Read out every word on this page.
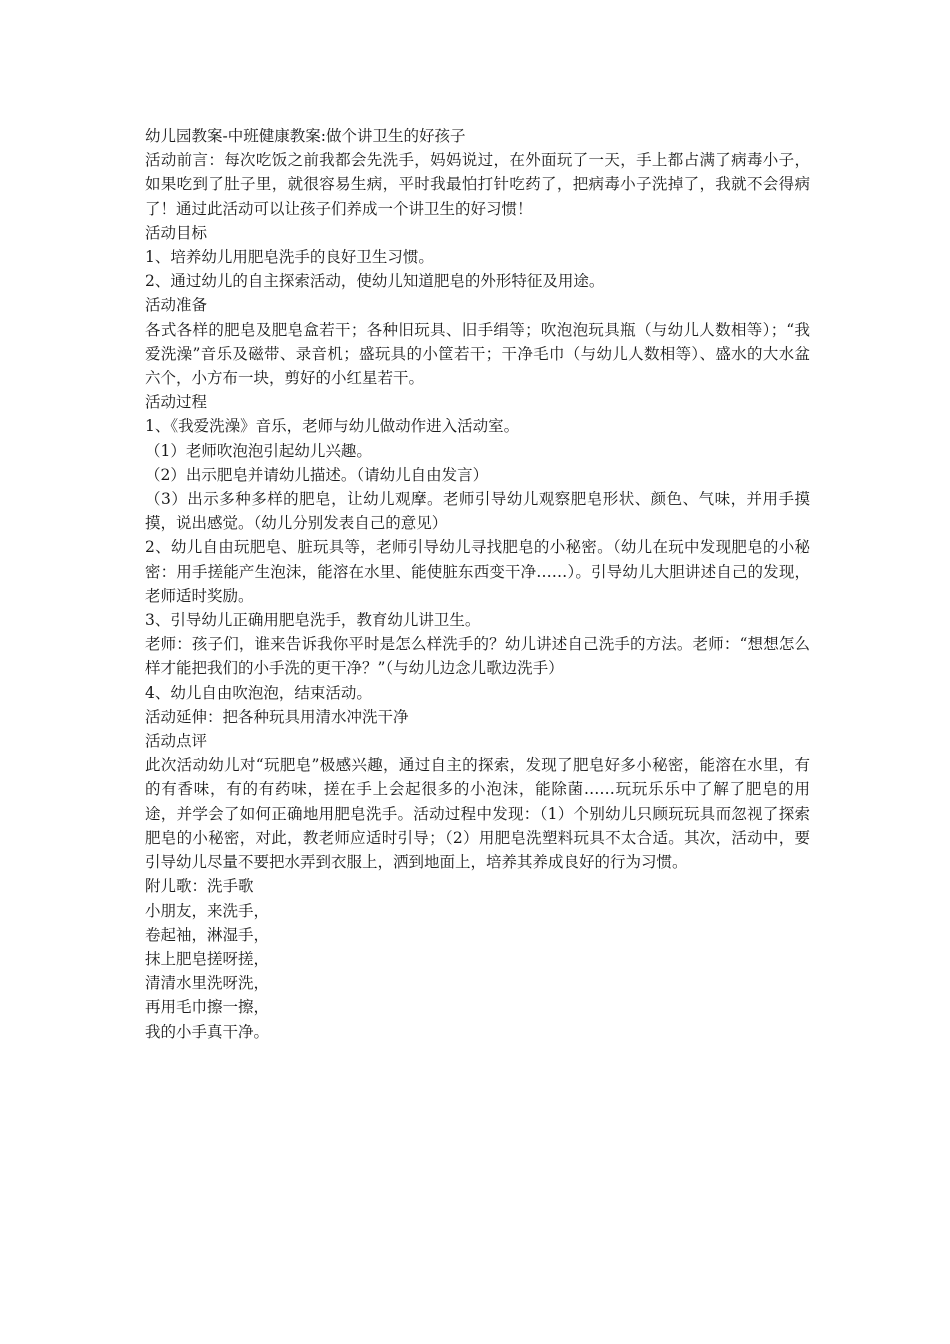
幼儿园教案-中班健康教案:做个讲卫生的好孩子

活动前言：每次吃饭之前我都会先洗手，妈妈说过，在外面玩了一天，手上都占满了病毒小子，如果吃到了肚子里，就很容易生病，平时我最怕打针吃药了，把病毒小子洗掉了，我就不会得病了！通过此活动可以让孩子们养成一个讲卫生的好习惯！

活动目标

1、培养幼儿用肥皂洗手的良好卫生习惯。

2、通过幼儿的自主探索活动，使幼儿知道肥皂的外形特征及用途。

活动准备

各式各样的肥皂及肥皂盒若干；各种旧玩具、旧手绢等；吹泡泡玩具瓶（与幼儿人数相等）；“我爱洗澡”音乐及磁带、录音机；盛玩具的小筐若干；干净毛巾（与幼儿人数相等）、盛水的大水盆六个，小方布一块，剪好的小红星若干。

活动过程

1、《我爱洗澡》音乐，老师与幼儿做动作进入活动室。

（1）老师吹泡泡引起幼儿兴趣。

（2）出示肥皂并请幼儿描述。（请幼儿自由发言）

（3）出示多种多样的肥皂，让幼儿观摩。老师引导幼儿观察肥皂形状、颜色、气味，并用手摸摸，说出感觉。（幼儿分别发表自己的意见）

2、幼儿自由玩肥皂、脏玩具等，老师引导幼儿寻找肥皂的小秘密。（幼儿在玩中发现肥皂的小秘密：用手搓能产生泡沫，能溶在水里、能使脏东西变干净……）。引导幼儿大胆讲述自己的发现，老师适时奖励。

3、引导幼儿正确用肥皂洗手，教育幼儿讲卫生。

老师：孩子们，谁来告诉我你平时是怎么样洗手的？幼儿讲述自己洗手的方法。老师：“想想怎么样才能把我们的小手洗的更干净？”（与幼儿边念儿歌边洗手）

4、幼儿自由吹泡泡，结束活动。

活动延伸：把各种玩具用清水冲洗干净

活动点评

此次活动幼儿对“玩肥皂”极感兴趣，通过自主的探索，发现了肥皂好多小秘密，能溶在水里，有的有香味，有的有药味，搓在手上会起很多的小泡沫，能除菌……玩玩乐乐中了解了肥皂的用途，并学会了如何正确地用肥皂洗手。活动过程中发现：（1）个别幼儿只顾玩玩具而忽视了探索肥皂的小秘密，对此，教老师应适时引导；（2）用肥皂洗塑料玩具不太合适。其次，活动中，要引导幼儿尽量不要把水弄到衣服上，洒到地面上，培养其养成良好的行为习惯。

附儿歌：洗手歌

小朋友，来洗手，

卷起袖，淋湿手，

抹上肥皂搓呀搓，

清清水里洗呀洗，

再用毛巾擦一擦，

我的小手真干净。
